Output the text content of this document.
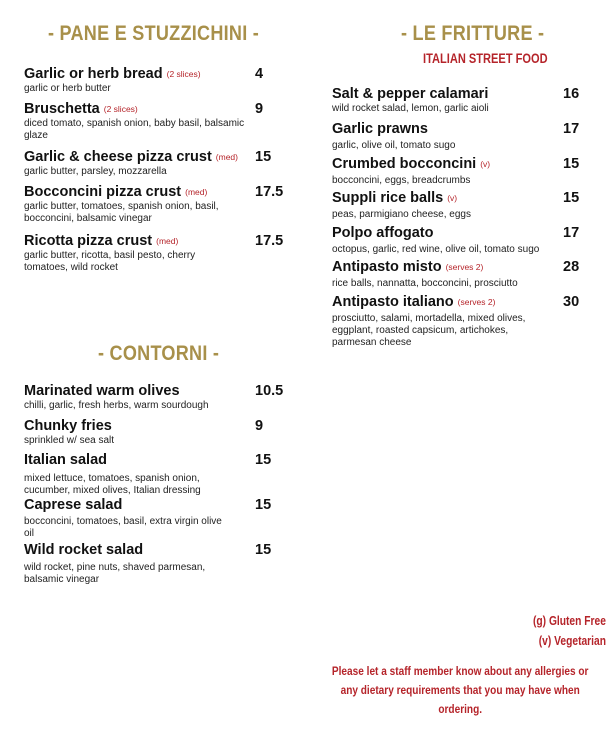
- PANE E STUZZICHINI -	- LE FRITTURE -
ITALIAN STREET FOOD
- CONTORNI -
Garlic or herb bread (2 slices)	4
garlic or herb butter
Bruschetta (2 slices)	9
diced tomato, spanish onion, baby basil, balsamic glaze
Garlic & cheese pizza crust (med)	15
garlic butter, parsley, mozzarella
Bocconcini pizza crust (med)	17.5
garlic butter, tomatoes, spanish onion, basil, bocconcini, balsamic vinegar
Ricotta pizza crust (med)	17.5
garlic butter, ricotta, basil pesto, cherry tomatoes, wild rocket
Marinated warm olives	10.5
chilli, garlic, fresh herbs, warm sourdough
Chunky fries	9
sprinkled w/ sea salt
Italian salad	15
mixed lettuce, tomatoes, spanish onion, cucumber, mixed olives, Italian dressing
Caprese salad	15
bocconcini, tomatoes, basil, extra virgin olive oil
Wild rocket salad	15
wild rocket, pine nuts, shaved parmesan, balsamic vinegar
Salt & pepper calamari	16
wild rocket salad, lemon, garlic aioli
Garlic prawns	17
garlic, olive oil, tomato sugo
Crumbed bocconcini (v)	15
bocconcini, eggs, breadcrumbs
Suppli rice balls (v)	15
peas, parmigiano cheese, eggs
Polpo affogato	17
octopus, garlic, red wine, olive oil, tomato sugo
Antipasto misto (serves 2)	28
rice balls, nannatta, bocconcini, prosciutto
Antipasto italiano (serves 2)	30
prosciutto, salami, mortadella, mixed olives, eggplant, roasted capsicum, artichokes, parmesan cheese
(g) Gluten Free
(v) Vegetarian
Please let a staff member know about any allergies or any dietary requirements that you may have when ordering.
